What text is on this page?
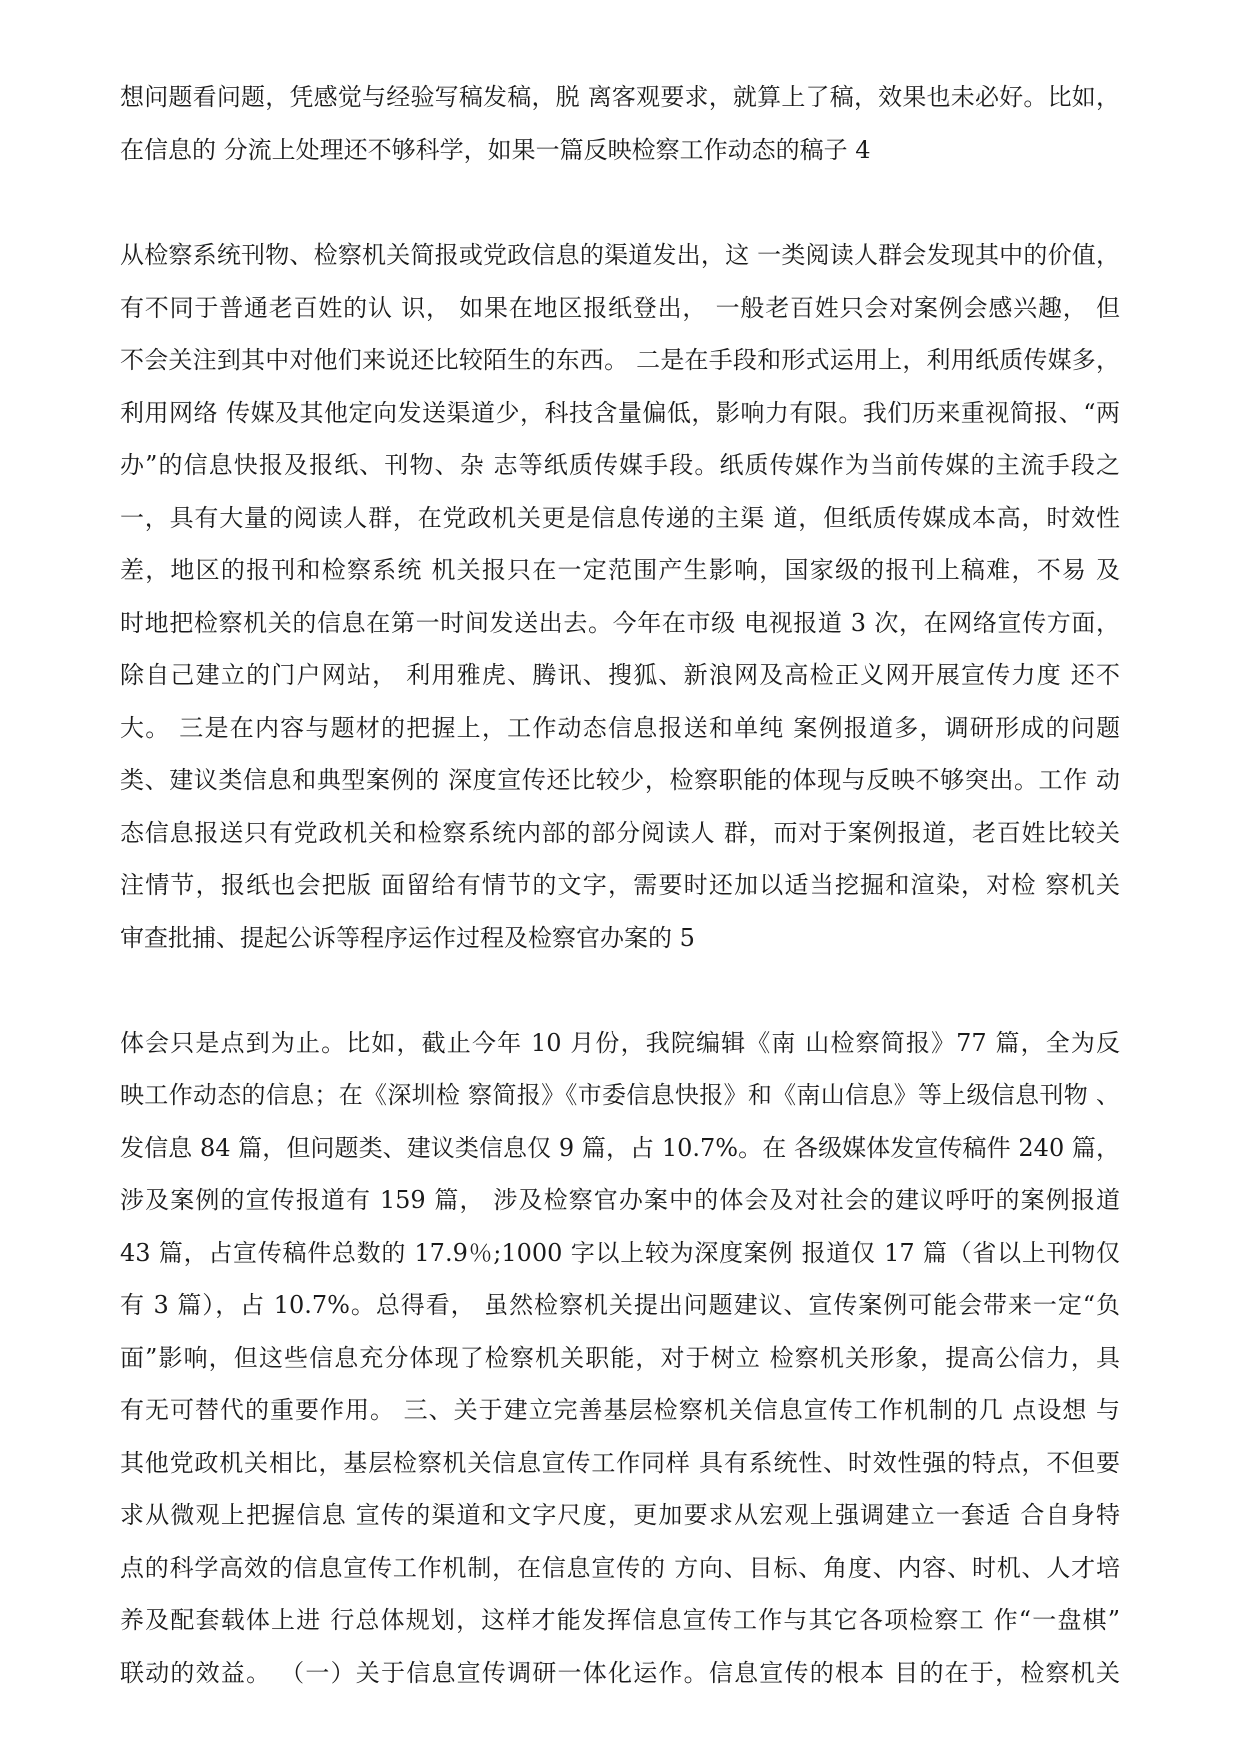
想问题看问题，凭感觉与经验写稿发稿，脱 离客观要求，就算上了稿，效果也未必好。比如，
在信息的 分流上处理还不够科学，如果一篇反映检察工作动态的稿子 4
从检察系统刊物、检察机关简报或党政信息的渠道发出，这 一类阅读人群会发现其中的价值，
有不同于普通老百姓的认 识， 如果在地区报纸登出， 一般老百姓只会对案例会感兴趣， 但
不会关注到其中对他们来说还比较陌生的东西。 二是在手段和形式运用上，利用纸质传媒多，
利用网络 传媒及其他定向发送渠道少，科技含量偏低，影响力有限。我们历来重视简报、“两
办”的信息快报及报纸、刊物、杂 志等纸质传媒手段。纸质传媒作为当前传媒的主流手段之
一，具有大量的阅读人群，在党政机关更是信息传递的主渠 道，但纸质传媒成本高，时效性
差，地区的报刊和检察系统 机关报只在一定范围产生影响，国家级的报刊上稿难，不易 及
时地把检察机关的信息在第一时间发送出去。今年在市级 电视报道 3 次，在网络宣传方面，
除自己建立的门户网站， 利用雅虎、腾讯、搜狐、新浪网及高检正义网开展宣传力度 还不
大。 三是在内容与题材的把握上，工作动态信息报送和单纯 案例报道多，调研形成的问题
类、建议类信息和典型案例的 深度宣传还比较少，检察职能的体现与反映不够突出。工作 动
态信息报送只有党政机关和检察系统内部的部分阅读人 群，而对于案例报道，老百姓比较关
注情节，报纸也会把版 面留给有情节的文字，需要时还加以适当挖掘和渲染，对检 察机关
审查批捕、提起公诉等程序运作过程及检察官办案的 5
体会只是点到为止。比如，截止今年 10 月份，我院编辑《南 山检察简报》77 篇，全为反
映工作动态的信息；在《深圳检 察简报》《市委信息快报》和《南山信息》等上级信息刊物 、
发信息 84 篇，但问题类、建议类信息仅 9 篇，占 10.7%。在 各级媒体发宣传稿件 240 篇，
涉及案例的宣传报道有 159 篇， 涉及检察官办案中的体会及对社会的建议呼吁的案例报道
43 篇，占宣传稿件总数的 17.9％;1000 字以上较为深度案例 报道仅 17 篇（省以上刊物仅
有 3 篇），占 10.7%。总得看， 虽然检察机关提出问题建议、宣传案例可能会带来一定“负
面”影响，但这些信息充分体现了检察机关职能，对于树立 检察机关形象，提高公信力，具
有无可替代的重要作用。 三、关于建立完善基层检察机关信息宣传工作机制的几 点设想 与
其他党政机关相比，基层检察机关信息宣传工作同样 具有系统性、时效性强的特点，不但要
求从微观上把握信息 宣传的渠道和文字尺度，更加要求从宏观上强调建立一套适 合自身特
点的科学高效的信息宣传工作机制，在信息宣传的 方向、目标、角度、内容、时机、人才培
养及配套载体上进 行总体规划，这样才能发挥信息宣传工作与其它各项检察工 作“一盘棋”
联动的效益。 （一）关于信息宣传调研一体化运作。信息宣传的根本 目的在于，检察机关
